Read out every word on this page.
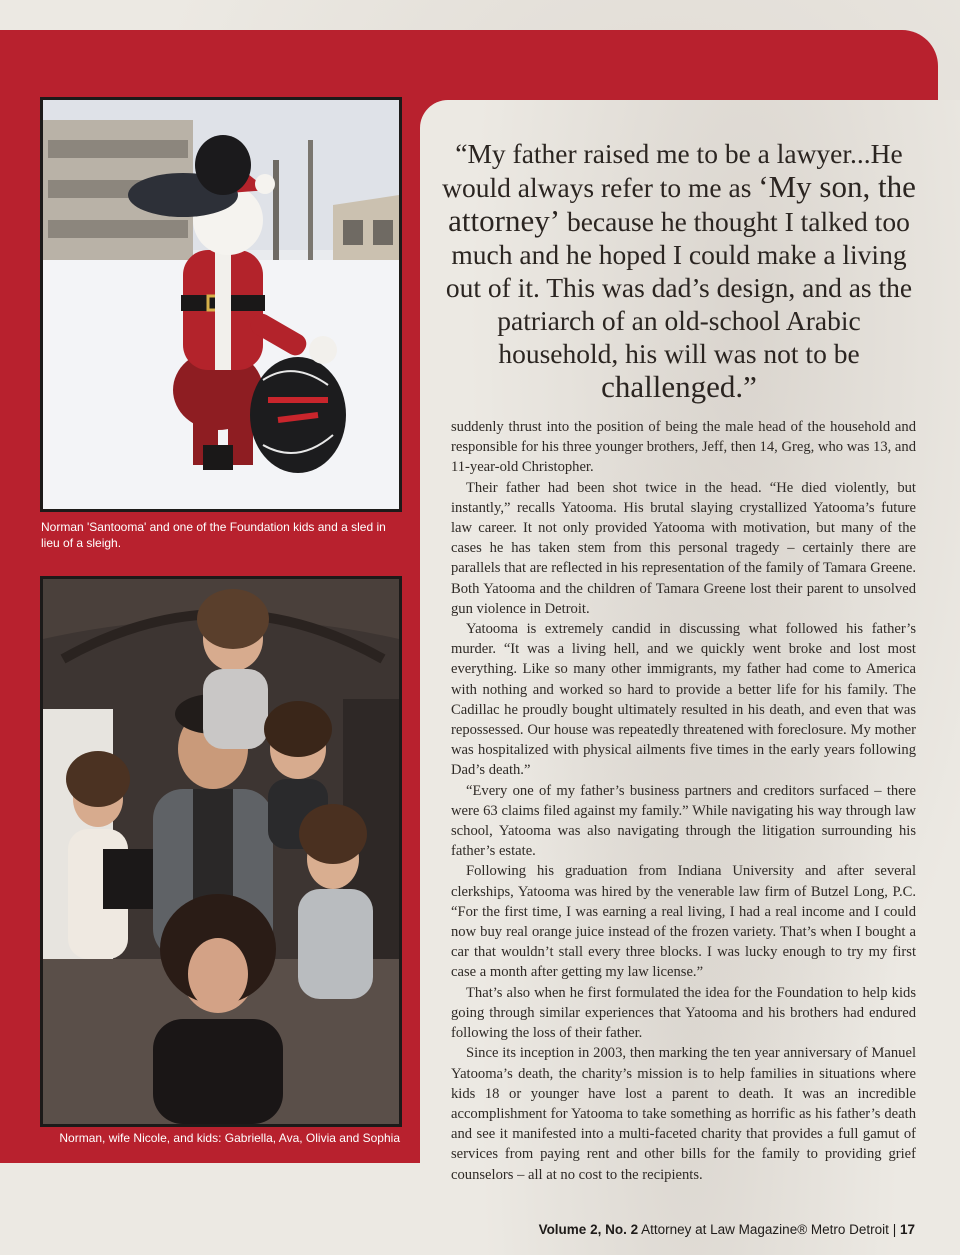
Norman 'Santooma' and one of the Foundation kids and a sled in lieu of a sleigh.
Norman, wife Nicole, and kids: Gabriella, Ava, Olivia and Sophia
“My father raised me to be a lawyer...He would always refer to me as ‘My son, the attorney’ because he thought I talked too much and he hoped I could make a living out of it. This was dad’s design, and as the patriarch of an old-school Arabic household, his will was not to be challenged.”

suddenly thrust into the position of being the male head of the household and responsible for his three younger brothers, Jeff, then 14, Greg, who was 13, and 11-year-old Christopher.

Their father had been shot twice in the head. “He died violently, but instantly,” recalls Yatooma. His brutal slaying crystallized Yatooma’s future law career. It not only provided Yatooma with motivation, but many of the cases he has taken stem from this personal tragedy – certainly there are parallels that are reflected in his representation of the family of Tamara Greene. Both Yatooma and the children of Tamara Greene lost their parent to unsolved gun violence in Detroit.

Yatooma is extremely candid in discussing what followed his father’s murder. “It was a living hell, and we quickly went broke and lost most everything. Like so many other immigrants, my father had come to America with nothing and worked so hard to provide a better life for his family. The Cadillac he proudly bought ultimately resulted in his death, and even that was repossessed. Our house was repeatedly threatened with foreclosure. My mother was hospitalized with physical ailments five times in the early years following Dad’s death.”

“Every one of my father’s business partners and creditors surfaced – there were 63 claims filed against my family.” While navigating his way through law school, Yatooma was also navigating through the litigation surrounding his father’s estate.

Following his graduation from Indiana University and after several clerkships, Yatooma was hired by the venerable law firm of Butzel Long, P.C. “For the first time, I was earning a real living, I had a real income and I could now buy real orange juice instead of the frozen variety. That’s when I bought a car that wouldn’t stall every three blocks. I was lucky enough to try my first case a month after getting my law license.”

That’s also when he first formulated the idea for the Foundation to help kids going through similar experiences that Yatooma and his brothers had endured following the loss of their father.

Since its inception in 2003, then marking the ten year anniversary of Manuel Yatooma’s death, the charity’s mission is to help families in situations where kids 18 or younger have lost a parent to death. It was an incredible accomplishment for Yatooma to take something as horrific as his father’s death and see it manifested into a multi-faceted charity that provides a full gamut of services from paying rent and other bills for the family to providing grief counselors – all at no cost to the recipients.

Volume 2, No. 2 Attorney at Law Magazine® Metro Detroit | 17
